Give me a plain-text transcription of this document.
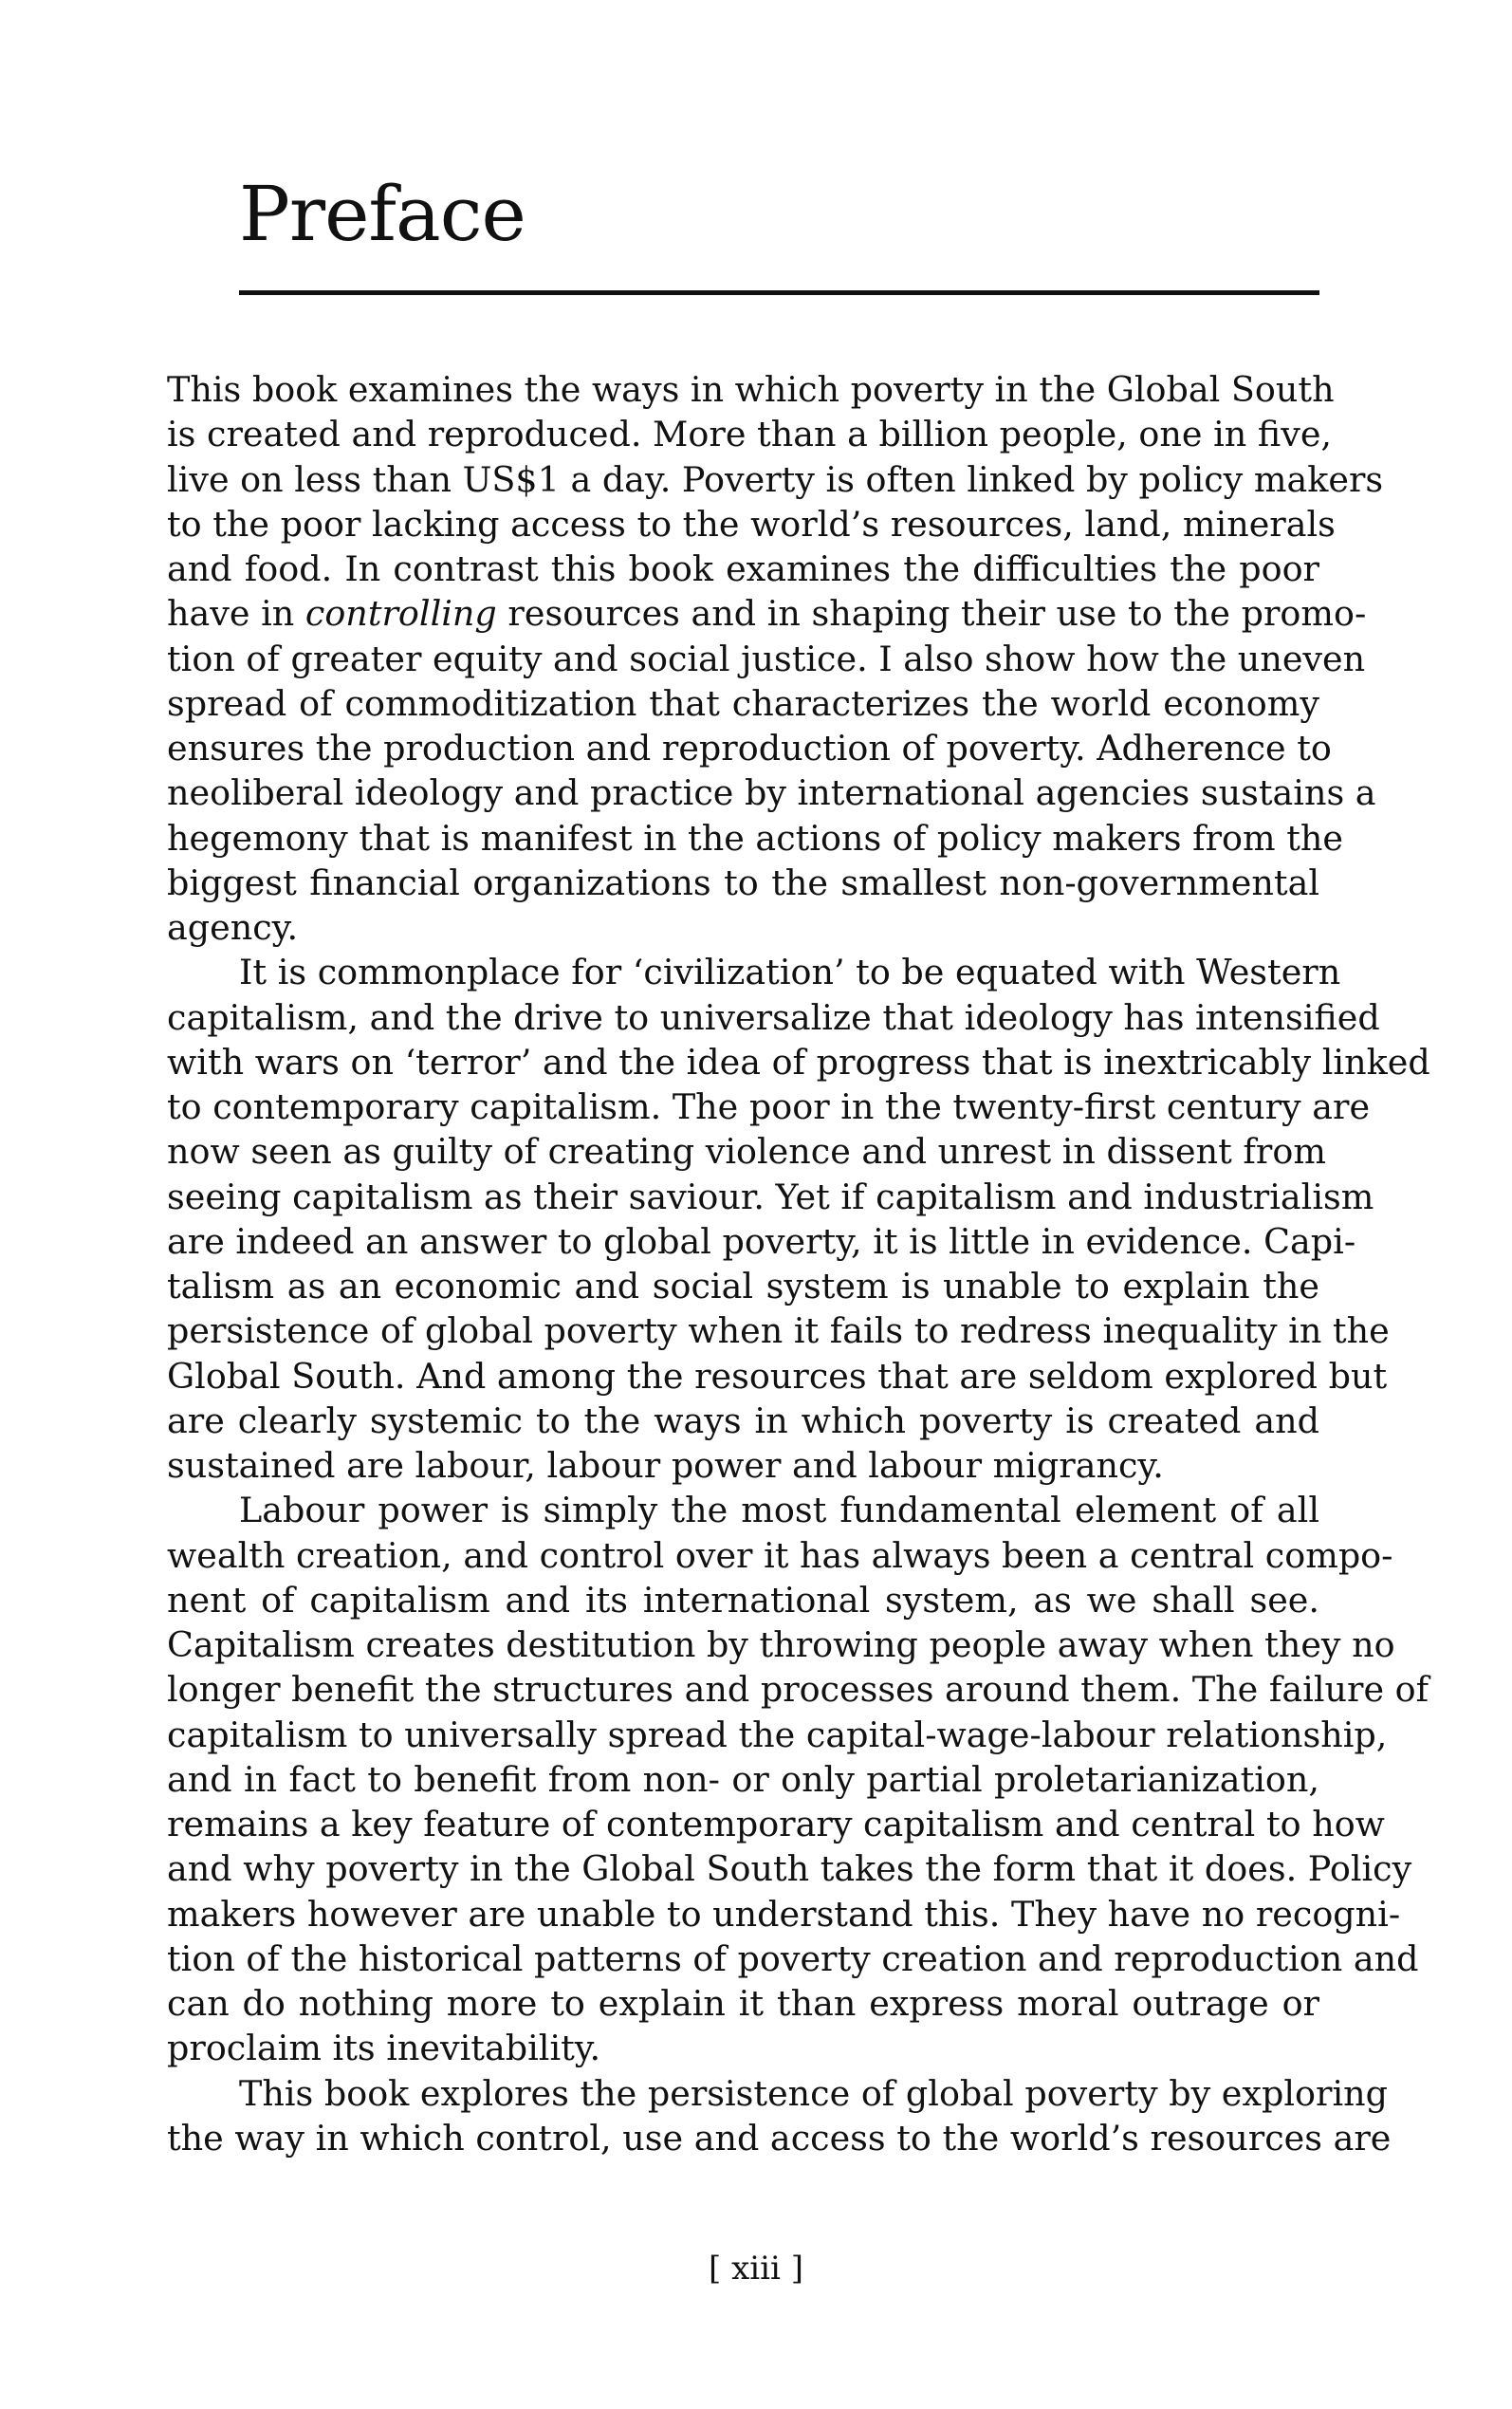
Preface
This book examines the ways in which poverty in the Global South
is created and reproduced. More than a billion people, one in five,
live on less than US$1 a day. Poverty is often linked by policy makers
to the poor lacking access to the world’s resources, land, minerals
and food. In contrast this book examines the difficulties the poor
have in controlling resources and in shaping their use to the promo-
tion of greater equity and social justice. I also show how the uneven
spread of commoditization that characterizes the world economy
ensures the production and reproduction of poverty. Adherence to
neoliberal ideology and practice by international agencies sustains a
hegemony that is manifest in the actions of policy makers from the
biggest financial organizations to the smallest non-governmental
agency.
It is commonplace for ‘civilization’ to be equated with Western
capitalism, and the drive to universalize that ideology has intensified
with wars on ‘terror’ and the idea of progress that is inextricably linked
to contemporary capitalism. The poor in the twenty-first century are
now seen as guilty of creating violence and unrest in dissent from
seeing capitalism as their saviour. Yet if capitalism and industrialism
are indeed an answer to global poverty, it is little in evidence. Capi-
talism as an economic and social system is unable to explain the
persistence of global poverty when it fails to redress inequality in the
Global South. And among the resources that are seldom explored but
are clearly systemic to the ways in which poverty is created and
sustained are labour, labour power and labour migrancy.
Labour power is simply the most fundamental element of all
wealth creation, and control over it has always been a central compo-
nent of capitalism and its international system, as we shall see.
Capitalism creates destitution by throwing people away when they no
longer benefit the structures and processes around them. The failure of
capitalism to universally spread the capital-wage-labour relationship,
and in fact to benefit from non- or only partial proletarianization,
remains a key feature of contemporary capitalism and central to how
and why poverty in the Global South takes the form that it does. Policy
makers however are unable to understand this. They have no recogni-
tion of the historical patterns of poverty creation and reproduction and
can do nothing more to explain it than express moral outrage or
proclaim its inevitability.
This book explores the persistence of global poverty by exploring
the way in which control, use and access to the world’s resources are
[ xiii ]
